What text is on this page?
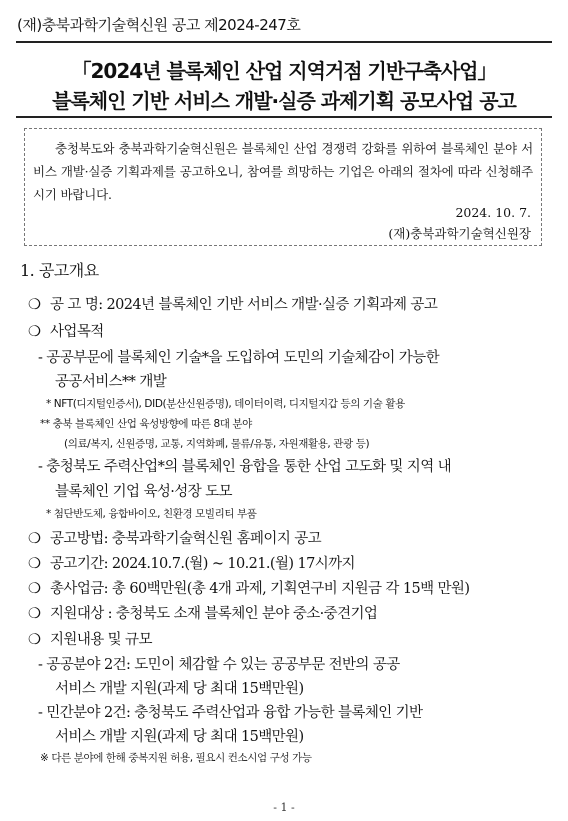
(재)충북과학기술혁신원 공고 제2024-247호
「2024년 블록체인 산업 지역거점 기반구축사업」
블록체인 기반 서비스 개발·실증 과제기획 공모사업 공고
충청북도와 충북과학기술혁신원은 블록체인 산업 경쟁력 강화를 위하여 블록체인 분야 서비스 개발·실증 기획과제를 공고하오니, 참여를 희망하는 기업은 아래의 절차에 따라 신청해주시기 바랍니다.
2024. 10. 7.
(재)충북과학기술혁신원장
1. 공고개요
❍ 공 고 명: 2024년 블록체인 기반 서비스 개발·실증 기획과제 공고
❍ 사업목적
- 공공부문에 블록체인 기술*을 도입하여 도민의 기술체감이 가능한
공공서비스** 개발
* NFT(디지털인증서), DID(분산신원증명), 데이터이력, 디지털지갑 등의 기술 활용
** 충북 블록체인 산업 육성방향에 따른 8대 분야
(의료/복지, 신원증명, 교통, 지역화폐, 물류/유통, 자원재활용, 관광 등)
- 충청북도 주력산업*의 블록체인 융합을 통한 산업 고도화 및 지역 내
블록체인 기업 육성·성장 도모
* 첨단반도체, 융합바이오, 친환경 모빌리티 부품
❍ 공고방법: 충북과학기술혁신원 홈페이지 공고
❍ 공고기간: 2024.10.7.(월) ~ 10.21.(월) 17시까지
❍ 총사업금: 총 60백만원(총 4개 과제, 기획연구비 지원금 각 15백 만원)
❍ 지원대상 : 충청북도 소재 블록체인 분야 중소·중견기업
❍ 지원내용 및 규모
- 공공분야 2건: 도민이 체감할 수 있는 공공부문 전반의 공공
서비스 개발 지원(과제 당 최대 15백만원)
- 민간분야 2건: 충청북도 주력산업과 융합 가능한 블록체인 기반
서비스 개발 지원(과제 당 최대 15백만원)
※ 다른 분야에 한해 중복지원 허용, 필요시 컨소시엄 구성 가능
- 1 -
